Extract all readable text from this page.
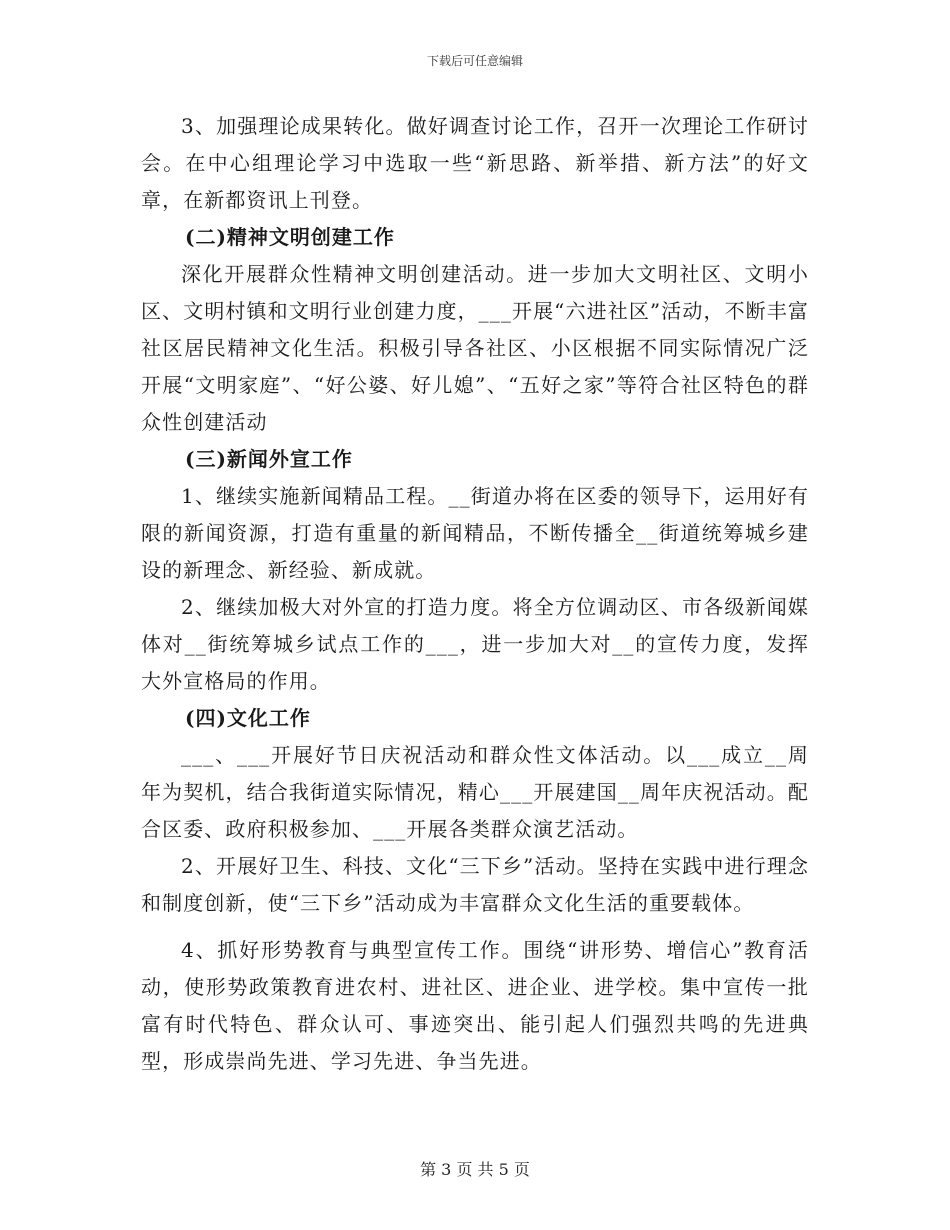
下载后可任意编辑

3、加强理论成果转化。做好调查讨论工作，召开一次理论工作研讨会。在中心组理论学习中选取一些“新思路、新举措、新方法”的好文章，在新都资讯上刊登。

(二)精神文明创建工作

深化开展群众性精神文明创建活动。进一步加大文明社区、文明小区、文明村镇和文明行业创建力度，___开展“六进社区”活动，不断丰富社区居民精神文化生活。积极引导各社区、小区根据不同实际情况广泛开展“文明家庭”、“好公婆、好儿媳”、“五好之家”等符合社区特色的群众性创建活动

(三)新闻外宣工作

1、继续实施新闻精品工程。__街道办将在区委的领导下，运用好有限的新闻资源，打造有重量的新闻精品，不断传播全__街道统筹城乡建设的新理念、新经验、新成就。

2、继续加极大对外宣的打造力度。将全方位调动区、市各级新闻媒体对__街统筹城乡试点工作的___，进一步加大对__的宣传力度，发挥大外宣格局的作用。

(四)文化工作

___、___开展好节日庆祝活动和群众性文体活动。以___成立__周年为契机，结合我街道实际情况，精心___开展建国__周年庆祝活动。配合区委、政府积极参加、___开展各类群众演艺活动。

2、开展好卫生、科技、文化“三下乡”活动。坚持在实践中进行理念和制度创新，使“三下乡”活动成为丰富群众文化生活的重要载体。

4、抓好形势教育与典型宣传工作。围绕“讲形势、增信心”教育活动，使形势政策教育进农村、进社区、进企业、进学校。集中宣传一批富有时代特色、群众认可、事迹突出、能引起人们强烈共鸣的先进典型，形成崇尚先进、学习先进、争当先进。

第 3 页 共 5 页
